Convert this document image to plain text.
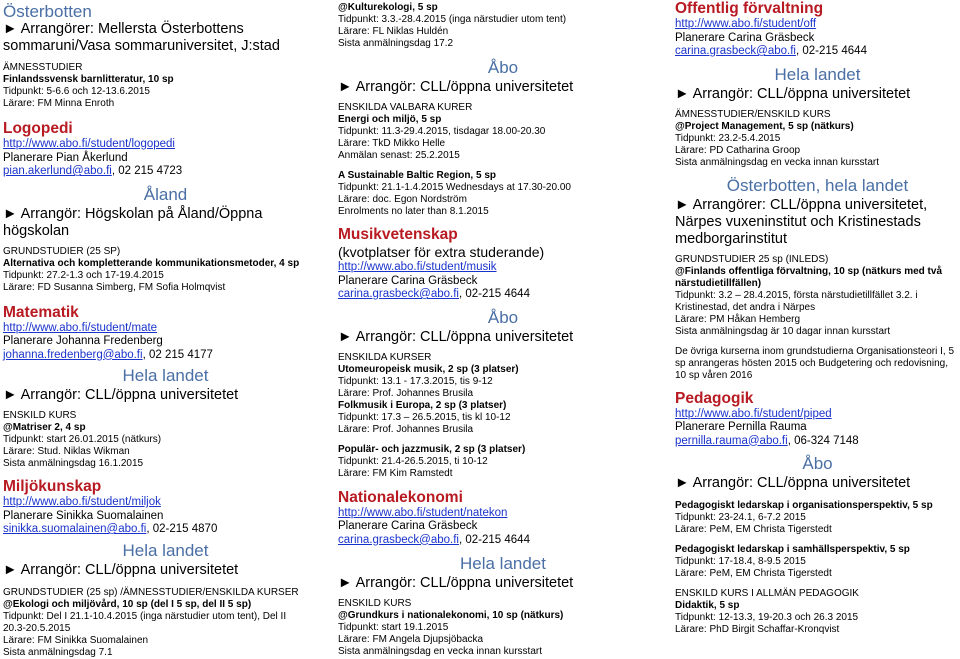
Österbotten
► Arrangörer: Mellersta Österbottens sommaruni/Vasa sommaruniversitet, J:stad
ÄMNESSTUDIER
Finlandssvensk barnlitteratur, 10 sp
Tidpunkt: 5-6.6 och 12-13.6.2015
Lärare: FM Minna Enroth
Logopedi
http://www.abo.fi/student/logopedi
Planerare Pian Åkerlund
pian.akerlund@abo.fi, 02 215 4723
Åland
► Arrangör: Högskolan på Åland/Öppna högskolan
GRUNDSTUDIER (25 SP)
Alternativa och kompletterande kommunikationsmetoder, 4 sp
Tidpunkt: 27.2-1.3 och 17-19.4.2015
Lärare: FD Susanna Simberg, FM Sofia Holmqvist
Matematik
http://www.abo.fi/student/mate
Planerare Johanna Fredenberg
johanna.fredenberg@abo.fi, 02 215 4177
Hela landet
► Arrangör: CLL/öppna universitetet
ENSKILD KURS
@Matriser 2, 4 sp
Tidpunkt: start 26.01.2015 (nätkurs)
Lärare: Stud. Niklas Wikman
Sista anmälningsdag 16.1.2015
Miljökunskap
http://www.abo.fi/student/miljok
Planerare Sinikka Suomalainen
sinikka.suomalainen@abo.fi, 02-215 4870
Hela landet
► Arrangör: CLL/öppna universitetet
GRUNDSTUDIER (25 sp) /ÄMNESSTUDIER/ENSKILDA KURSER
@Ekologi och miljövård, 10 sp (del I 5 sp, del II 5 sp)
Tidpunkt: Del I 21.1-10.4.2015 (inga närstudier utom tent), Del II
20.3-20.5.2015
Lärare: FM Sinikka Suomalainen
Sista anmälningsdag 7.1
@Kulturekologi, 5 sp
Tidpunkt: 3.3.-28.4.2015 (inga närstudier utom tent)
Lärare: FL Niklas Huldén
Sista anmälningsdag 17.2
Åbo
► Arrangör: CLL/öppna universitetet
ENSKILDA VALBARA KURER
Energi och miljö, 5 sp
Tidpunkt: 11.3-29.4.2015, tisdagar 18.00-20.30
Lärare: TkD Mikko Helle
Anmälan senast: 25.2.2015
A Sustainable Baltic Region, 5 sp
Tidpunkt: 21.1-1.4.2015 Wednesdays at 17.30-20.00
Lärare: doc. Egon Nordström
Enrolments no later than 8.1.2015
Musikvetenskap
(kvotplatser för extra studerande)
http://www.abo.fi/student/musik
Planerare Carina Gräsbeck
carina.grasbeck@abo.fi, 02-215 4644
Åbo
► Arrangör: CLL/öppna universitetet
ENSKILDA KURSER
Utomeuropeisk musik, 2 sp (3 platser)
Tidpunkt: 13.1 - 17.3.2015, tis 9-12
Lärare: Prof. Johannes Brusila
Folkmusik i Europa, 2 sp (3 platser)
Tidpunkt: 17.3 – 26.5.2015, tis kl 10-12
Lärare: Prof. Johannes Brusila
Populär- och jazzmusik, 2 sp (3 platser)
Tidpunkt: 21.4-26.5.2015, ti 10-12
Lärare: FM Kim Ramstedt
Nationalekonomi
http://www.abo.fi/student/natekon
Planerare Carina Gräsbeck
carina.grasbeck@abo.fi, 02-215 4644
Hela landet
► Arrangör: CLL/öppna universitetet
ENSKILD KURS
@Grundkurs i nationalekonomi, 10 sp (nätkurs)
Tidpunkt: start 19.1.2015
Lärare: FM Angela Djupsjöbacka
Sista anmälningsdag en vecka innan kursstart
Offentlig förvaltning
http://www.abo.fi/student/off
Planerare Carina Gräsbeck
carina.grasbeck@abo.fi, 02-215 4644
Hela landet
► Arrangör: CLL/öppna universitetet
ÄMNESSTUDIER/ENSKILD KURS
@Project Management, 5 sp (nätkurs)
Tidpunkt: 23.2-5.4.2015
Lärare: PD Catharina Groop
Sista anmälningsdag en vecka innan kursstart
Österbotten, hela landet
► Arrangörer: CLL/öppna universitetet,
Närpes vuxeninstitut och Kristinestads medborgarinstitut
GRUNDSTUDIER 25 sp (INLEDS)
@Finlands offentliga förvaltning, 10 sp (nätkurs med två
närstudietillfällen)
Tidpunkt: 3.2 – 28.4.2015, första närstudietillfället 3.2. i
Kristinestad, det andra i Närpes
Lärare: PM Håkan Hemberg
Sista anmälningsdag är 10 dagar innan kursstart
De övriga kurserna inom grundstudierna Organisationsteori I, 5 sp anrangeras hösten 2015 och Budgetering och redovisning, 10 sp våren 2016
Pedagogik
http://www.abo.fi/student/piped
Planerare Pernilla Rauma
pernilla.rauma@abo.fi, 06-324 7148
Åbo
► Arrangör: CLL/öppna universitetet
Pedagogiskt ledarskap i organisationsperspektiv, 5 sp
Tidpunkt: 23-24.1, 6-7.2 2015
Lärare: PeM, EM Christa Tigerstedt
Pedagogiskt ledarskap i samhällsperspektiv, 5 sp
Tidpunkt: 17-18.4, 8-9.5 2015
Lärare: PeM, EM Christa Tigerstedt
ENSKILD KURS I ALLMÄN PEDAGOGIK
Didaktik, 5 sp
Tidpunkt: 12-13.3, 19-20.3 och 26.3 2015
Lärare: PhD Birgit Schaffar-Kronqvist
